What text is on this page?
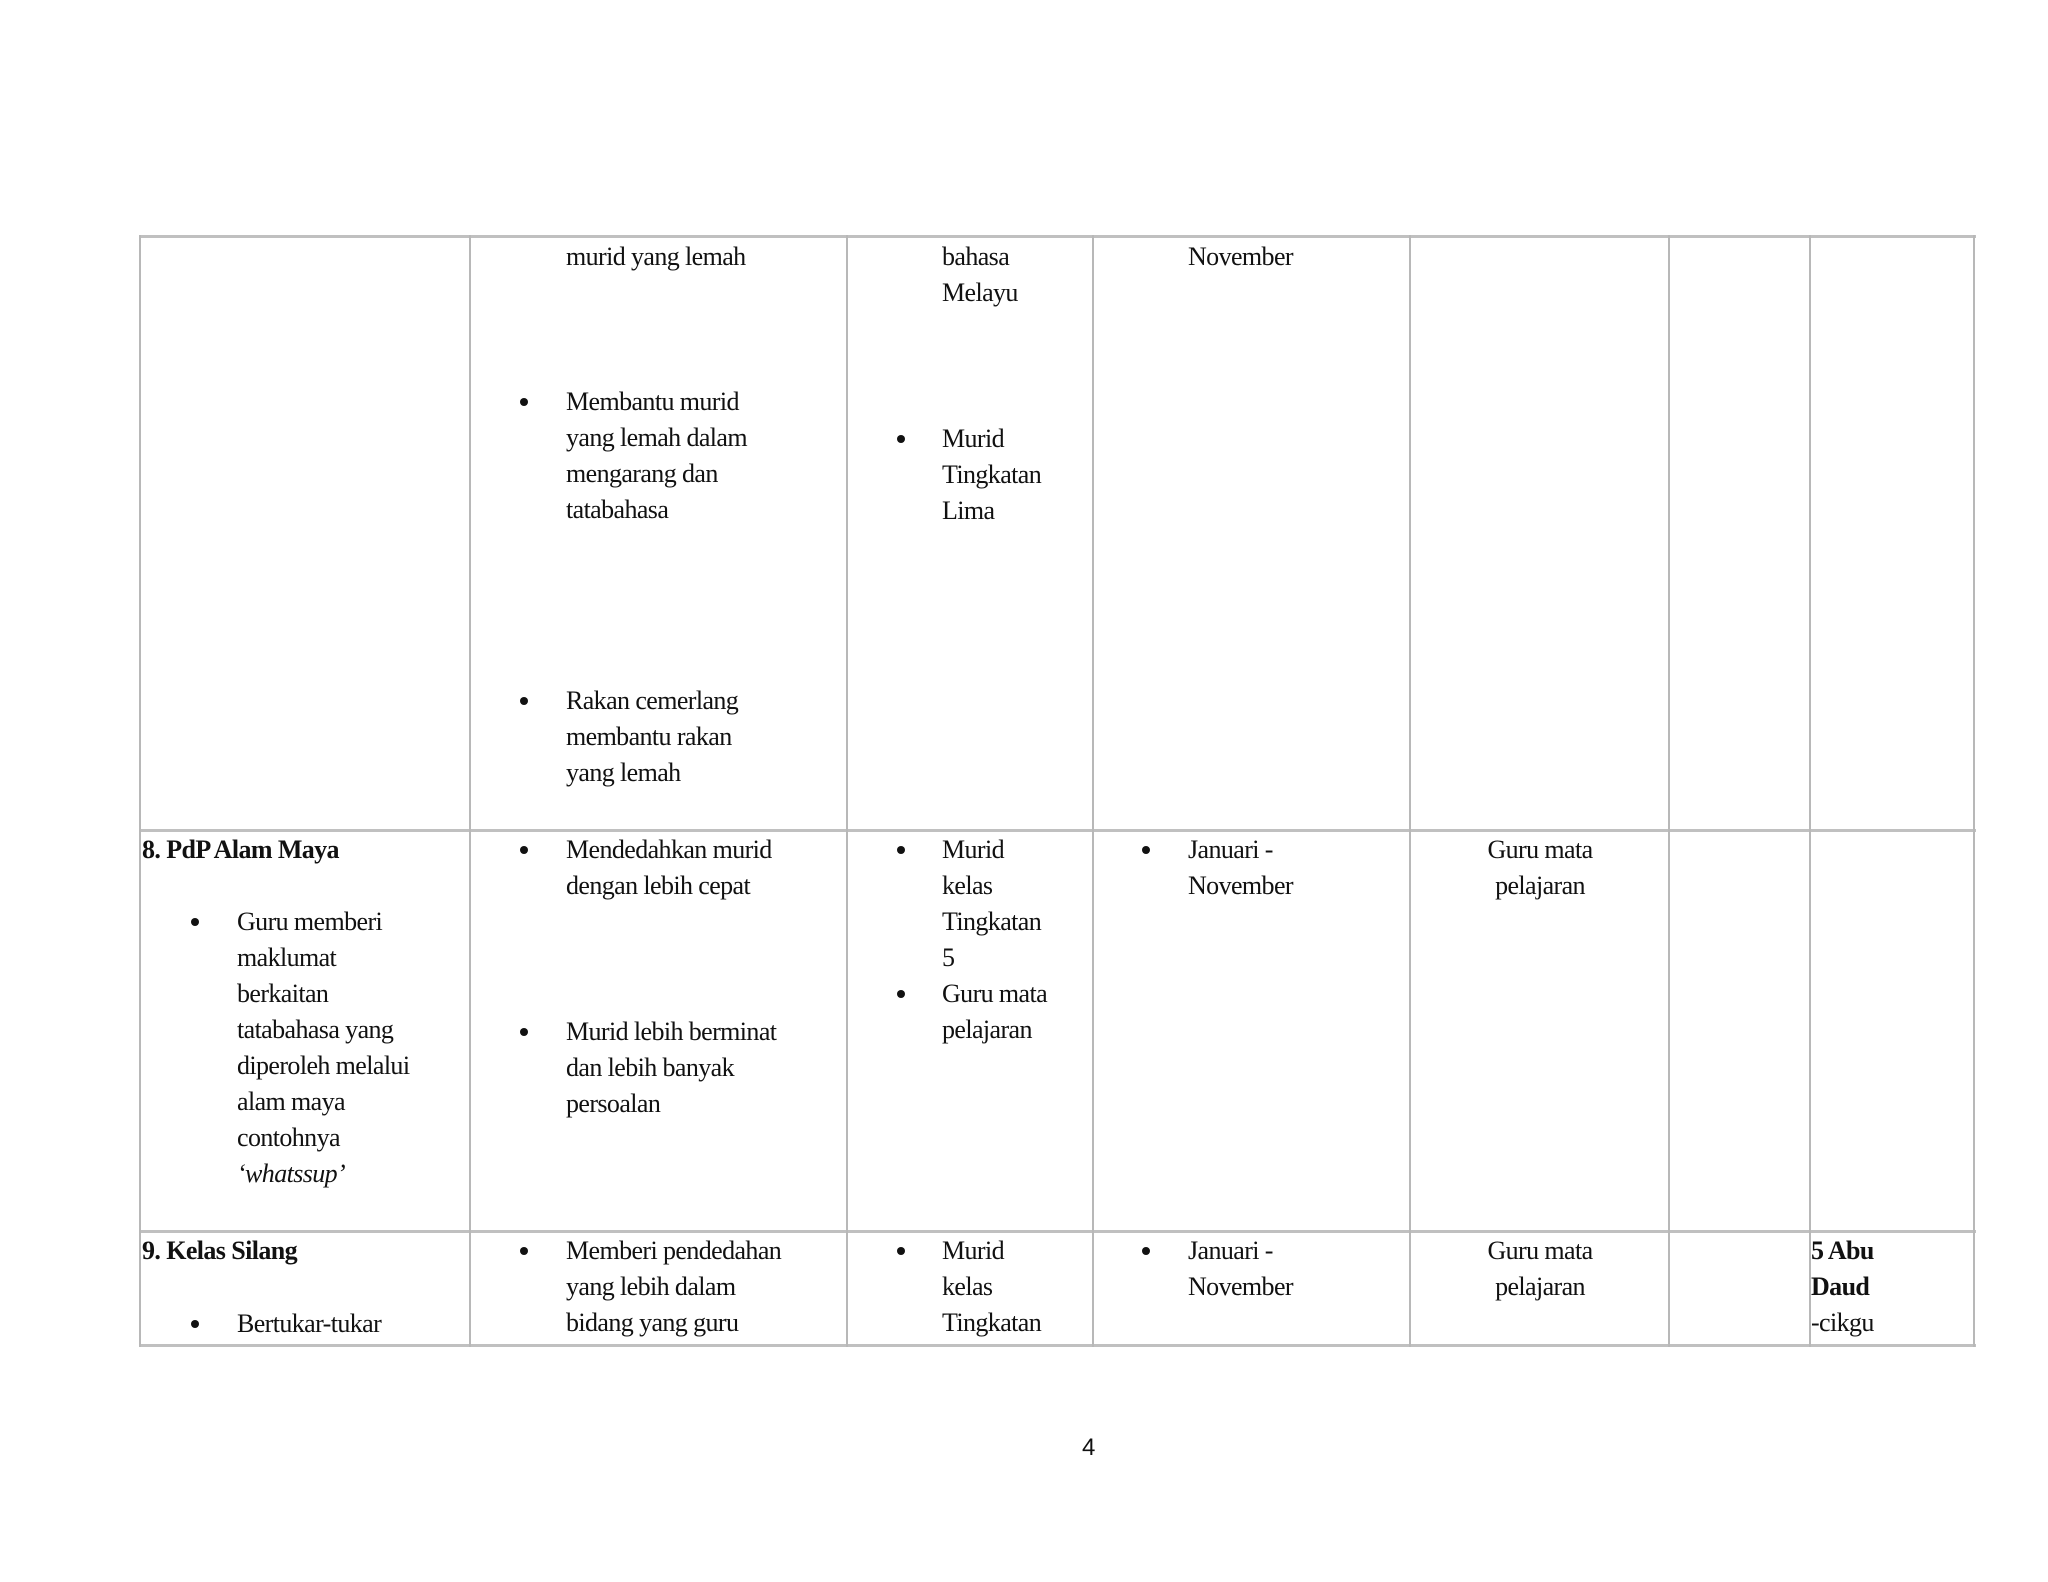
murid yang lemah
Membantu murid
yang lemah dalam
mengarang dan
tatabahasa
Rakan cemerlang
membantu rakan
yang lemah
bahasa
Melayu
Murid
Tingkatan
Lima
November
8. PdP Alam Maya
Guru memberi
maklumat
berkaitan
tatabahasa yang
diperoleh melalui
alam maya
contohnya
‘whatssup’
Mendedahkan murid
dengan lebih cepat
Murid lebih berminat
dan lebih banyak
persoalan
Murid
kelas
Tingkatan
5
Guru mata
pelajaran
Januari -
November
Guru mata
pelajaran
9. Kelas Silang
Bertukar-tukar
Memberi pendedahan
yang lebih dalam
bidang yang guru
Murid
kelas
Tingkatan
Januari -
November
Guru mata
pelajaran
5 Abu
Daud
-cikgu
4
